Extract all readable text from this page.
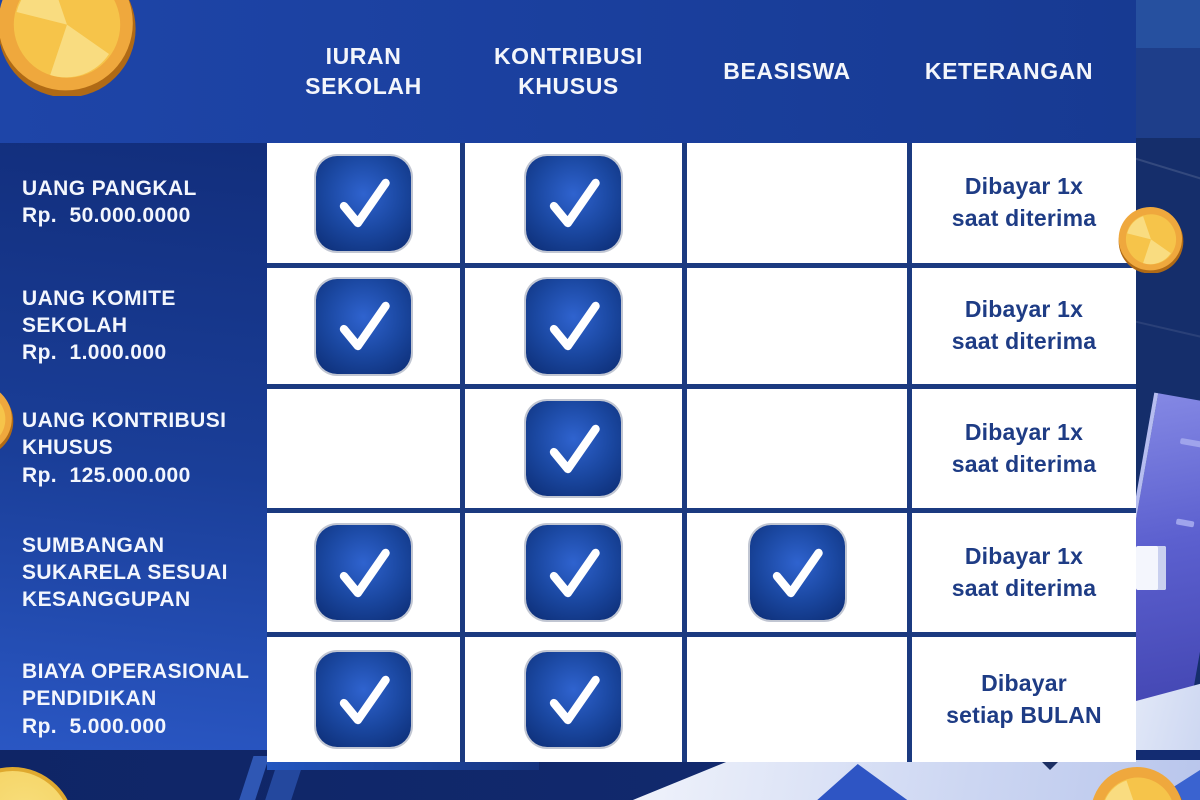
Dibayar 1x
saat diterima
Dibayar 1x
saat diterima
Dibayar 1x
saat diterima
Dibayar 1x
saat diterima
Dibayar
setiap BULAN
IURAN SEKOLAH
KONTRIBUSI KHUSUS
BEASISWA	KETERANGAN
UANG PANGKAL
Rp.  50.000.0000
UANG KOMITE SEKOLAH
Rp.  1.000.000
UANG KONTRIBUSI KHUSUS
Rp.  125.000.000
SUMBANGAN SUKARELA SESUAI KESANGGUPAN
BIAYA OPERASIONAL PENDIDIKAN
Rp.  5.000.000
